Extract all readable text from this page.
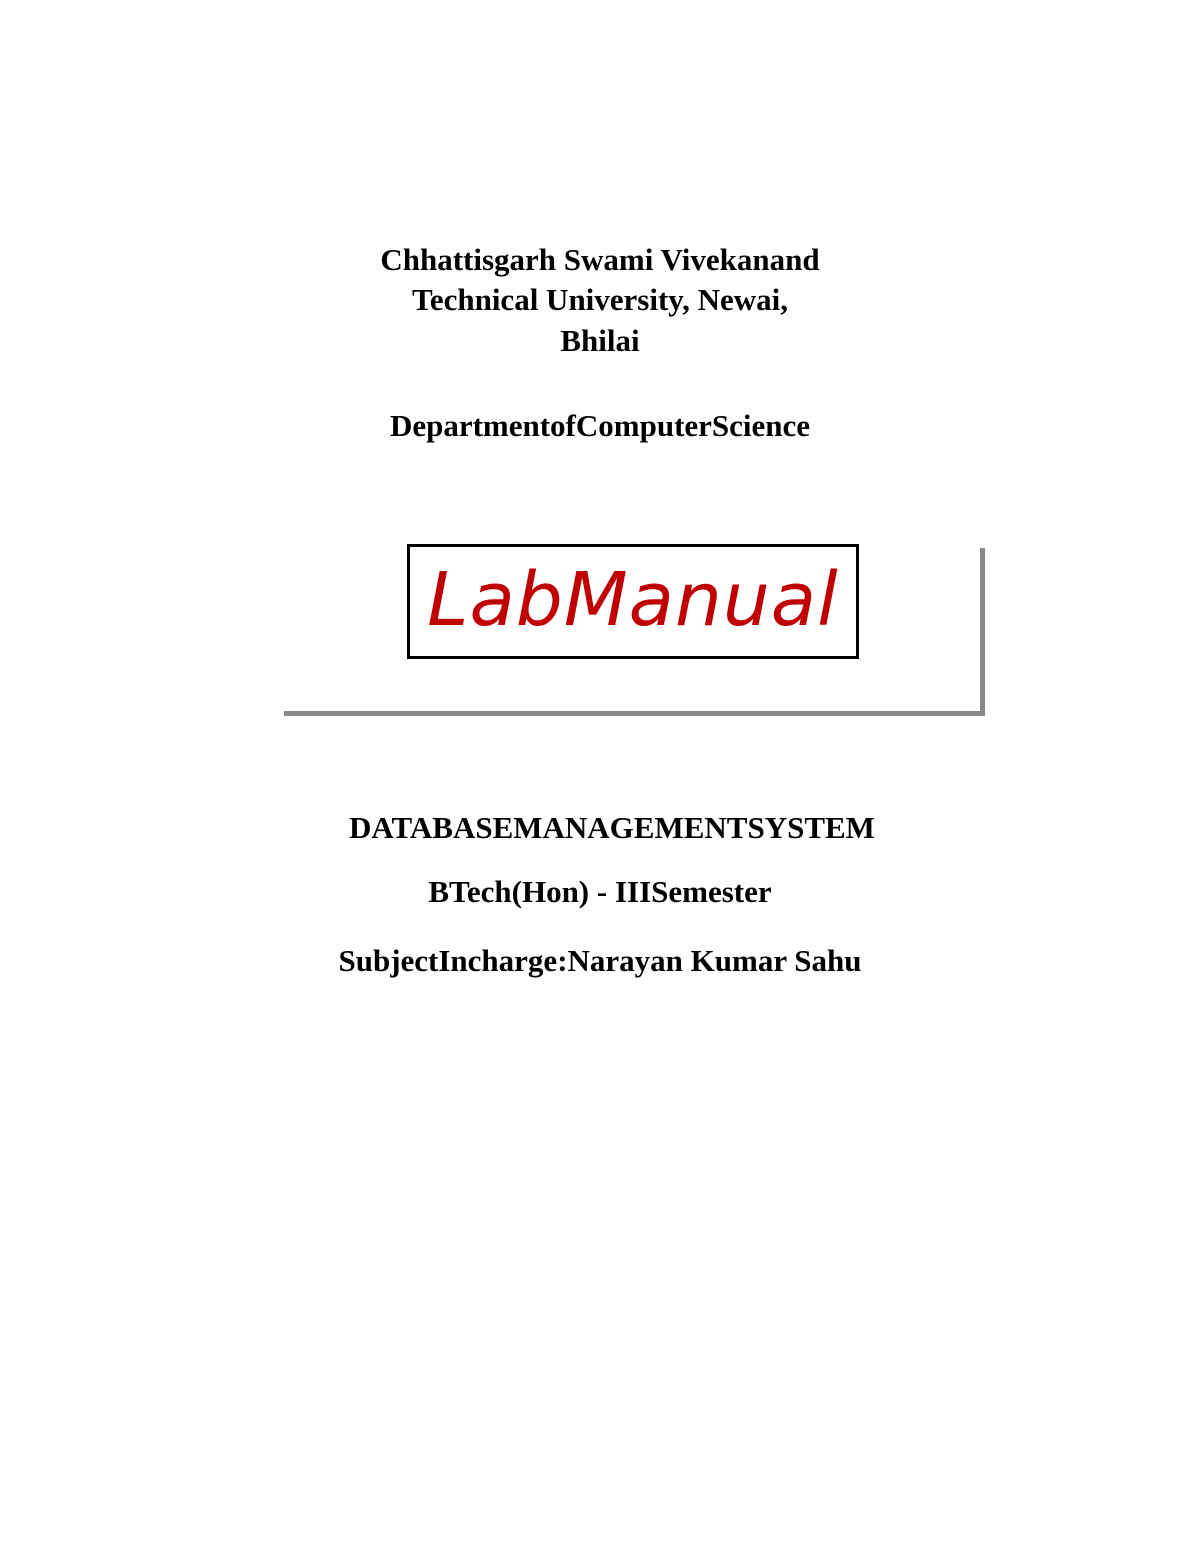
Chhattisgarh Swami Vivekanand
Technical University, Newai,
Bhilai
DepartmentofComputerScience
LabManual
DATABASEMANAGEMENTSYSTEM
BTech(Hon) - IIISemester
SubjectIncharge:Narayan Kumar Sahu
